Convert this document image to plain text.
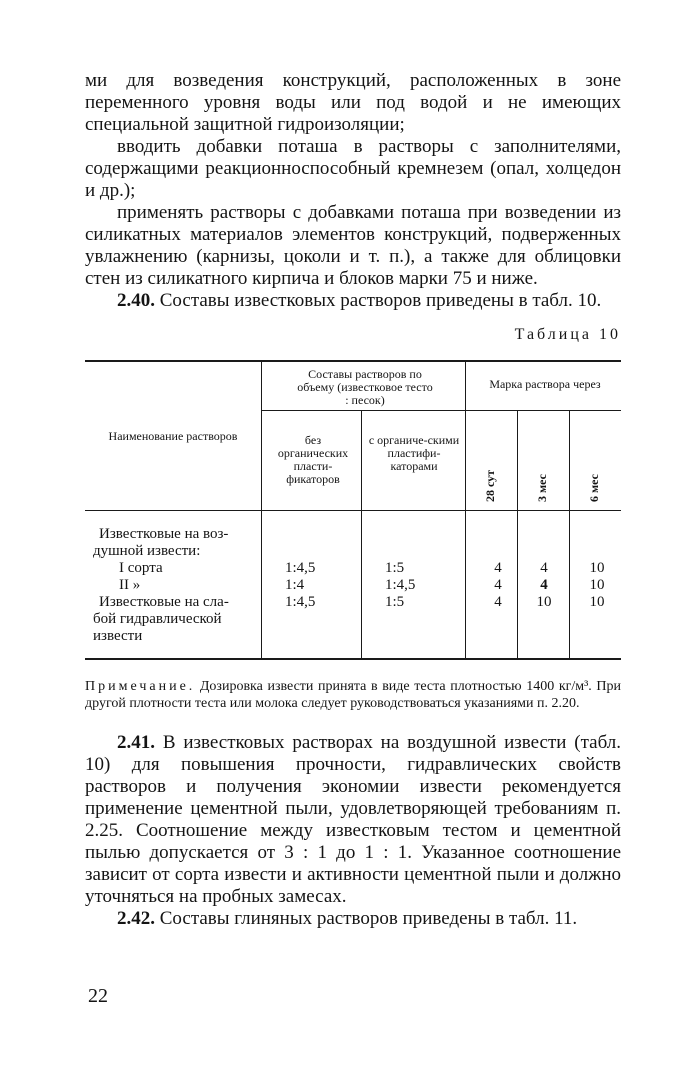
ми для возведения конструкций, расположенных в зоне переменного уровня воды или под водой и не имеющих специальной защитной гидроизоляции;

вводить добавки поташа в растворы с заполнителями, содержащими реакционноспособный кремнезем (опал, холцедон и др.);

применять растворы с добавками поташа при возведении из силикатных материалов элементов конструкций, подверженных увлажнению (карнизы, цоколи и т. п.), а также для облицовки стен из силикатного кирпича и блоков марки 75 и ниже.

2.40. Составы известковых растворов приведены в табл. 10.

Таблица 10
Наименование растворов
Составы растворов по объему (известковое тесто : песок)
Марка раствора через
без органических пласти-фикаторов
с органиче-скими пластифи-каторами
28 сут	3 мес	6 мес
Известковые на воз-
душной извести:
I сорта
II »
Известковые на сла-
бой гидравлической
извести
1:4,5
1:4
1:4,5
1:5
1:4,5
1:5
4
4
4
4
4
10
10
10
10

Примечание. Дозировка извести принята в виде теста плотностью 1400 кг/м³. При другой плотности теста или молока следует руководствоваться указаниями п. 2.20.

2.41. В известковых растворах на воздушной извести (табл. 10) для повышения прочности, гидравлических свойств растворов и получения экономии извести рекомендуется применение цементной пыли, удовлетворяющей требованиям п. 2.25. Соотношение между известковым тестом и цементной пылью допускается от 3 : 1 до 1 : 1. Указанное соотношение зависит от сорта извести и активности цементной пыли и должно уточняться на пробных замесах.

2.42. Составы глиняных растворов приведены в табл. 11.

22
